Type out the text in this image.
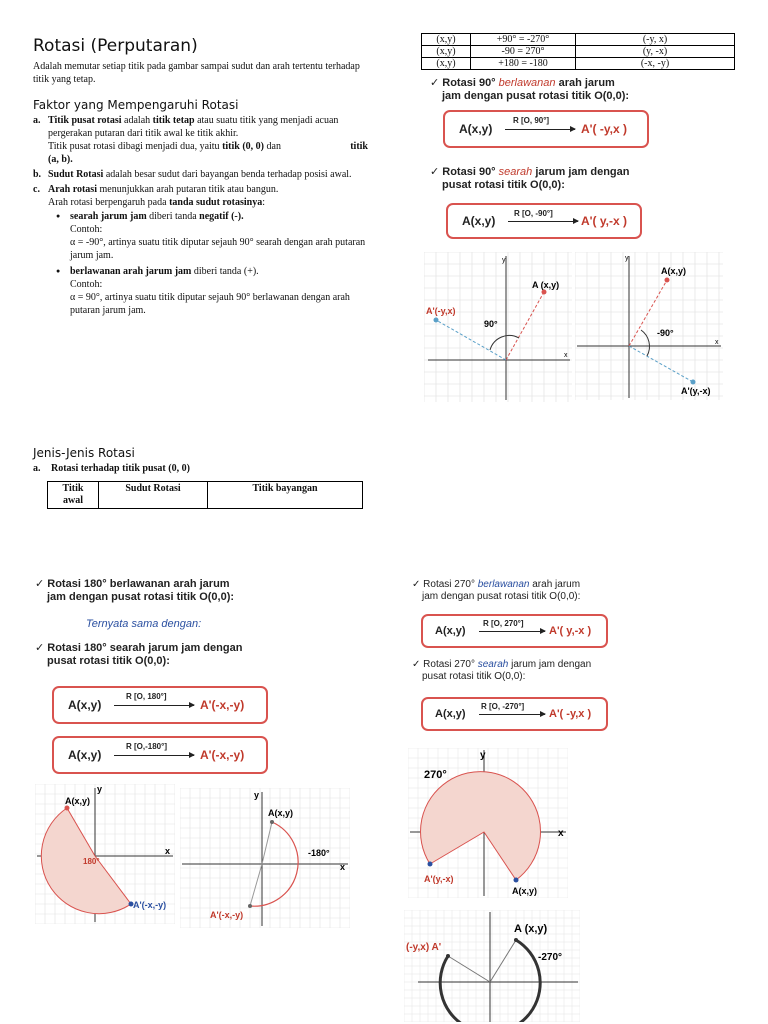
Rotasi (Perputaran)
Adalah memutar setiap titik pada gambar sampai sudut dan arah tertentu terhadap titik yang tetap.
Faktor yang Mempengaruhi Rotasi
a. Titik pusat rotasi adalah titik tetap atau suatu titik yang menjadi acuan pergerakan putaran dari titik awal ke titik akhir.
Titik pusat rotasi dibagi menjadi dua, yaitu titik (0, 0) dan	titik
(a, b).
b. Sudut Rotasi adalah besar sudut dari bayangan benda terhadap posisi awal.
c. Arah rotasi menunjukkan arah putaran titik atau bangun.
Arah rotasi berpengaruh pada tanda sudut rotasinya:
● searah jarum jam diberi tanda negatif (-).
Contoh:
α = -90°, artinya suatu titik diputar sejauh 90° searah dengan arah putaran jarum jam.
● berlawanan arah jarum jam diberi tanda (+).
Contoh:
α = 90°, artinya suatu titik diputar sejauh 90° berlawanan dengan arah putaran jarum jam.
Jenis-Jenis Rotasi
a. Rotasi terhadap titik pusat (0, 0)
Titik awal	Sudut Rotasi	Titik bayangan
(x,y)	+90° = -270°	(-y, x)
(x,y)	-90 = 270°	(y, -x)
(x,y)	+180 = -180	(-x, -y)
✓ Rotasi 90° berlawanan arah jarum
jam dengan pusat rotasi titik O(0,0):
A(x,y)
R [O, 90°]
A'( -y,x )
✓ Rotasi 90° searah jarum jam dengan
pusat rotasi titik O(0,0):
A(x,y)
R [O, -90°]
A'( y,-x )
A (x,y)
A'(-y,x)
90°
y
x
A(x,y)
A'(y,-x)
-90°
y
x
✓ Rotasi 180° berlawanan arah jarum
jam dengan pusat rotasi titik O(0,0):
Ternyata sama dengan:
✓ Rotasi 180° searah jarum jam dengan
pusat rotasi titik O(0,0):
A(x,y)
R [O, 180°]
A'(-x,-y)
A(x,y)
R [O,-180°]
A'(-x,-y)
A(x,y)
A'(-x,-y)
180°
y
x
A(x,y)
A'(-x,-y)
-180°
y
x
✓ Rotasi 270° berlawanan arah jarum
jam dengan pusat rotasi titik O(0,0):
A(x,y)
R [O, 270°]
A'( y,-x )
✓ Rotasi 270° searah jarum jam dengan
pusat rotasi titik O(0,0):
A(x,y)
R [O, -270°]
A'( -y,x )
A(x,y)
A'(y,-x)
270°
y
x
A (x,y)
(-y,x) A'
-270°
